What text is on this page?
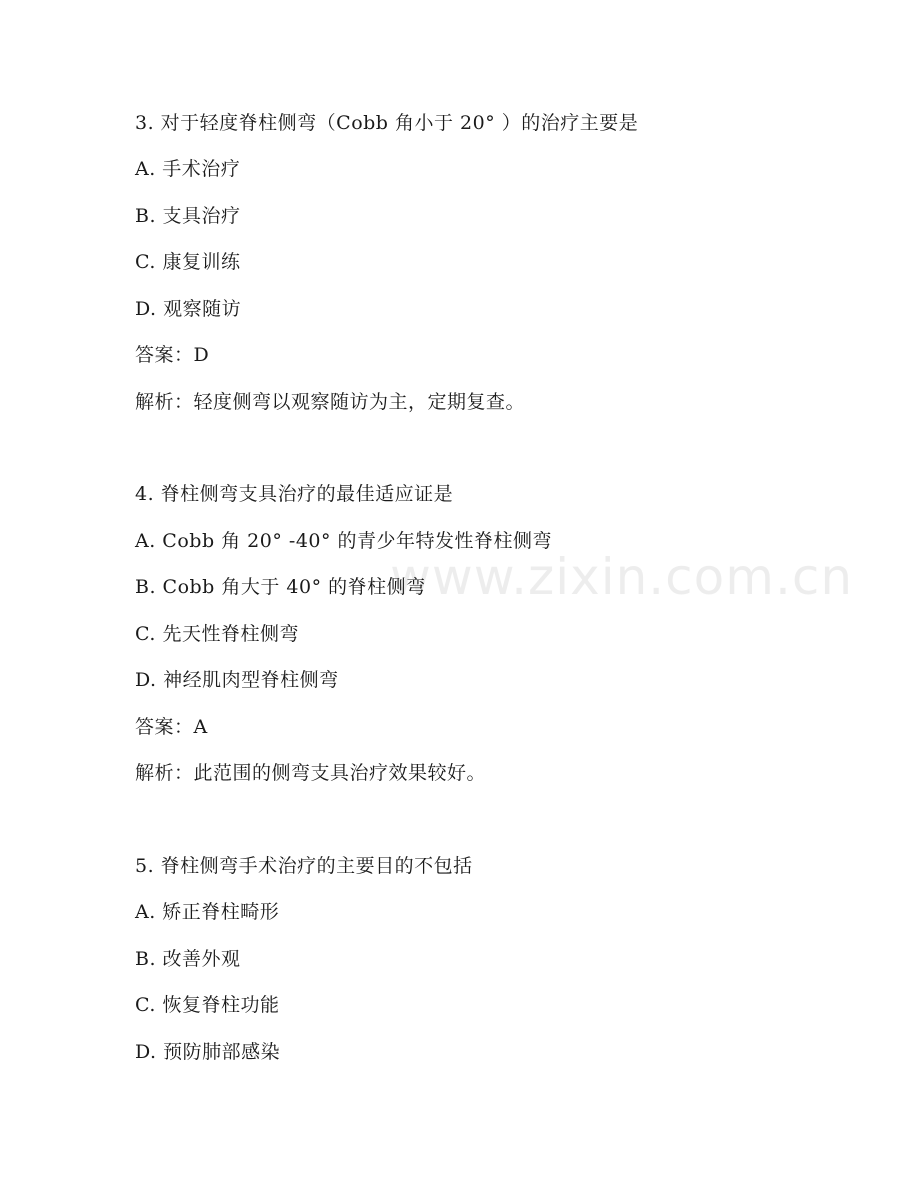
www.zixin.com.cn
3. 对于轻度脊柱侧弯（Cobb 角小于 20° ）的治疗主要是
A. 手术治疗
B. 支具治疗
C. 康复训练
D. 观察随访
答案：D
解析：轻度侧弯以观察随访为主，定期复查。
4. 脊柱侧弯支具治疗的最佳适应证是
A. Cobb 角 20° -40° 的青少年特发性脊柱侧弯
B. Cobb 角大于 40° 的脊柱侧弯
C. 先天性脊柱侧弯
D. 神经肌肉型脊柱侧弯
答案：A
解析：此范围的侧弯支具治疗效果较好。
5. 脊柱侧弯手术治疗的主要目的不包括
A. 矫正脊柱畸形
B. 改善外观
C. 恢复脊柱功能
D. 预防肺部感染
